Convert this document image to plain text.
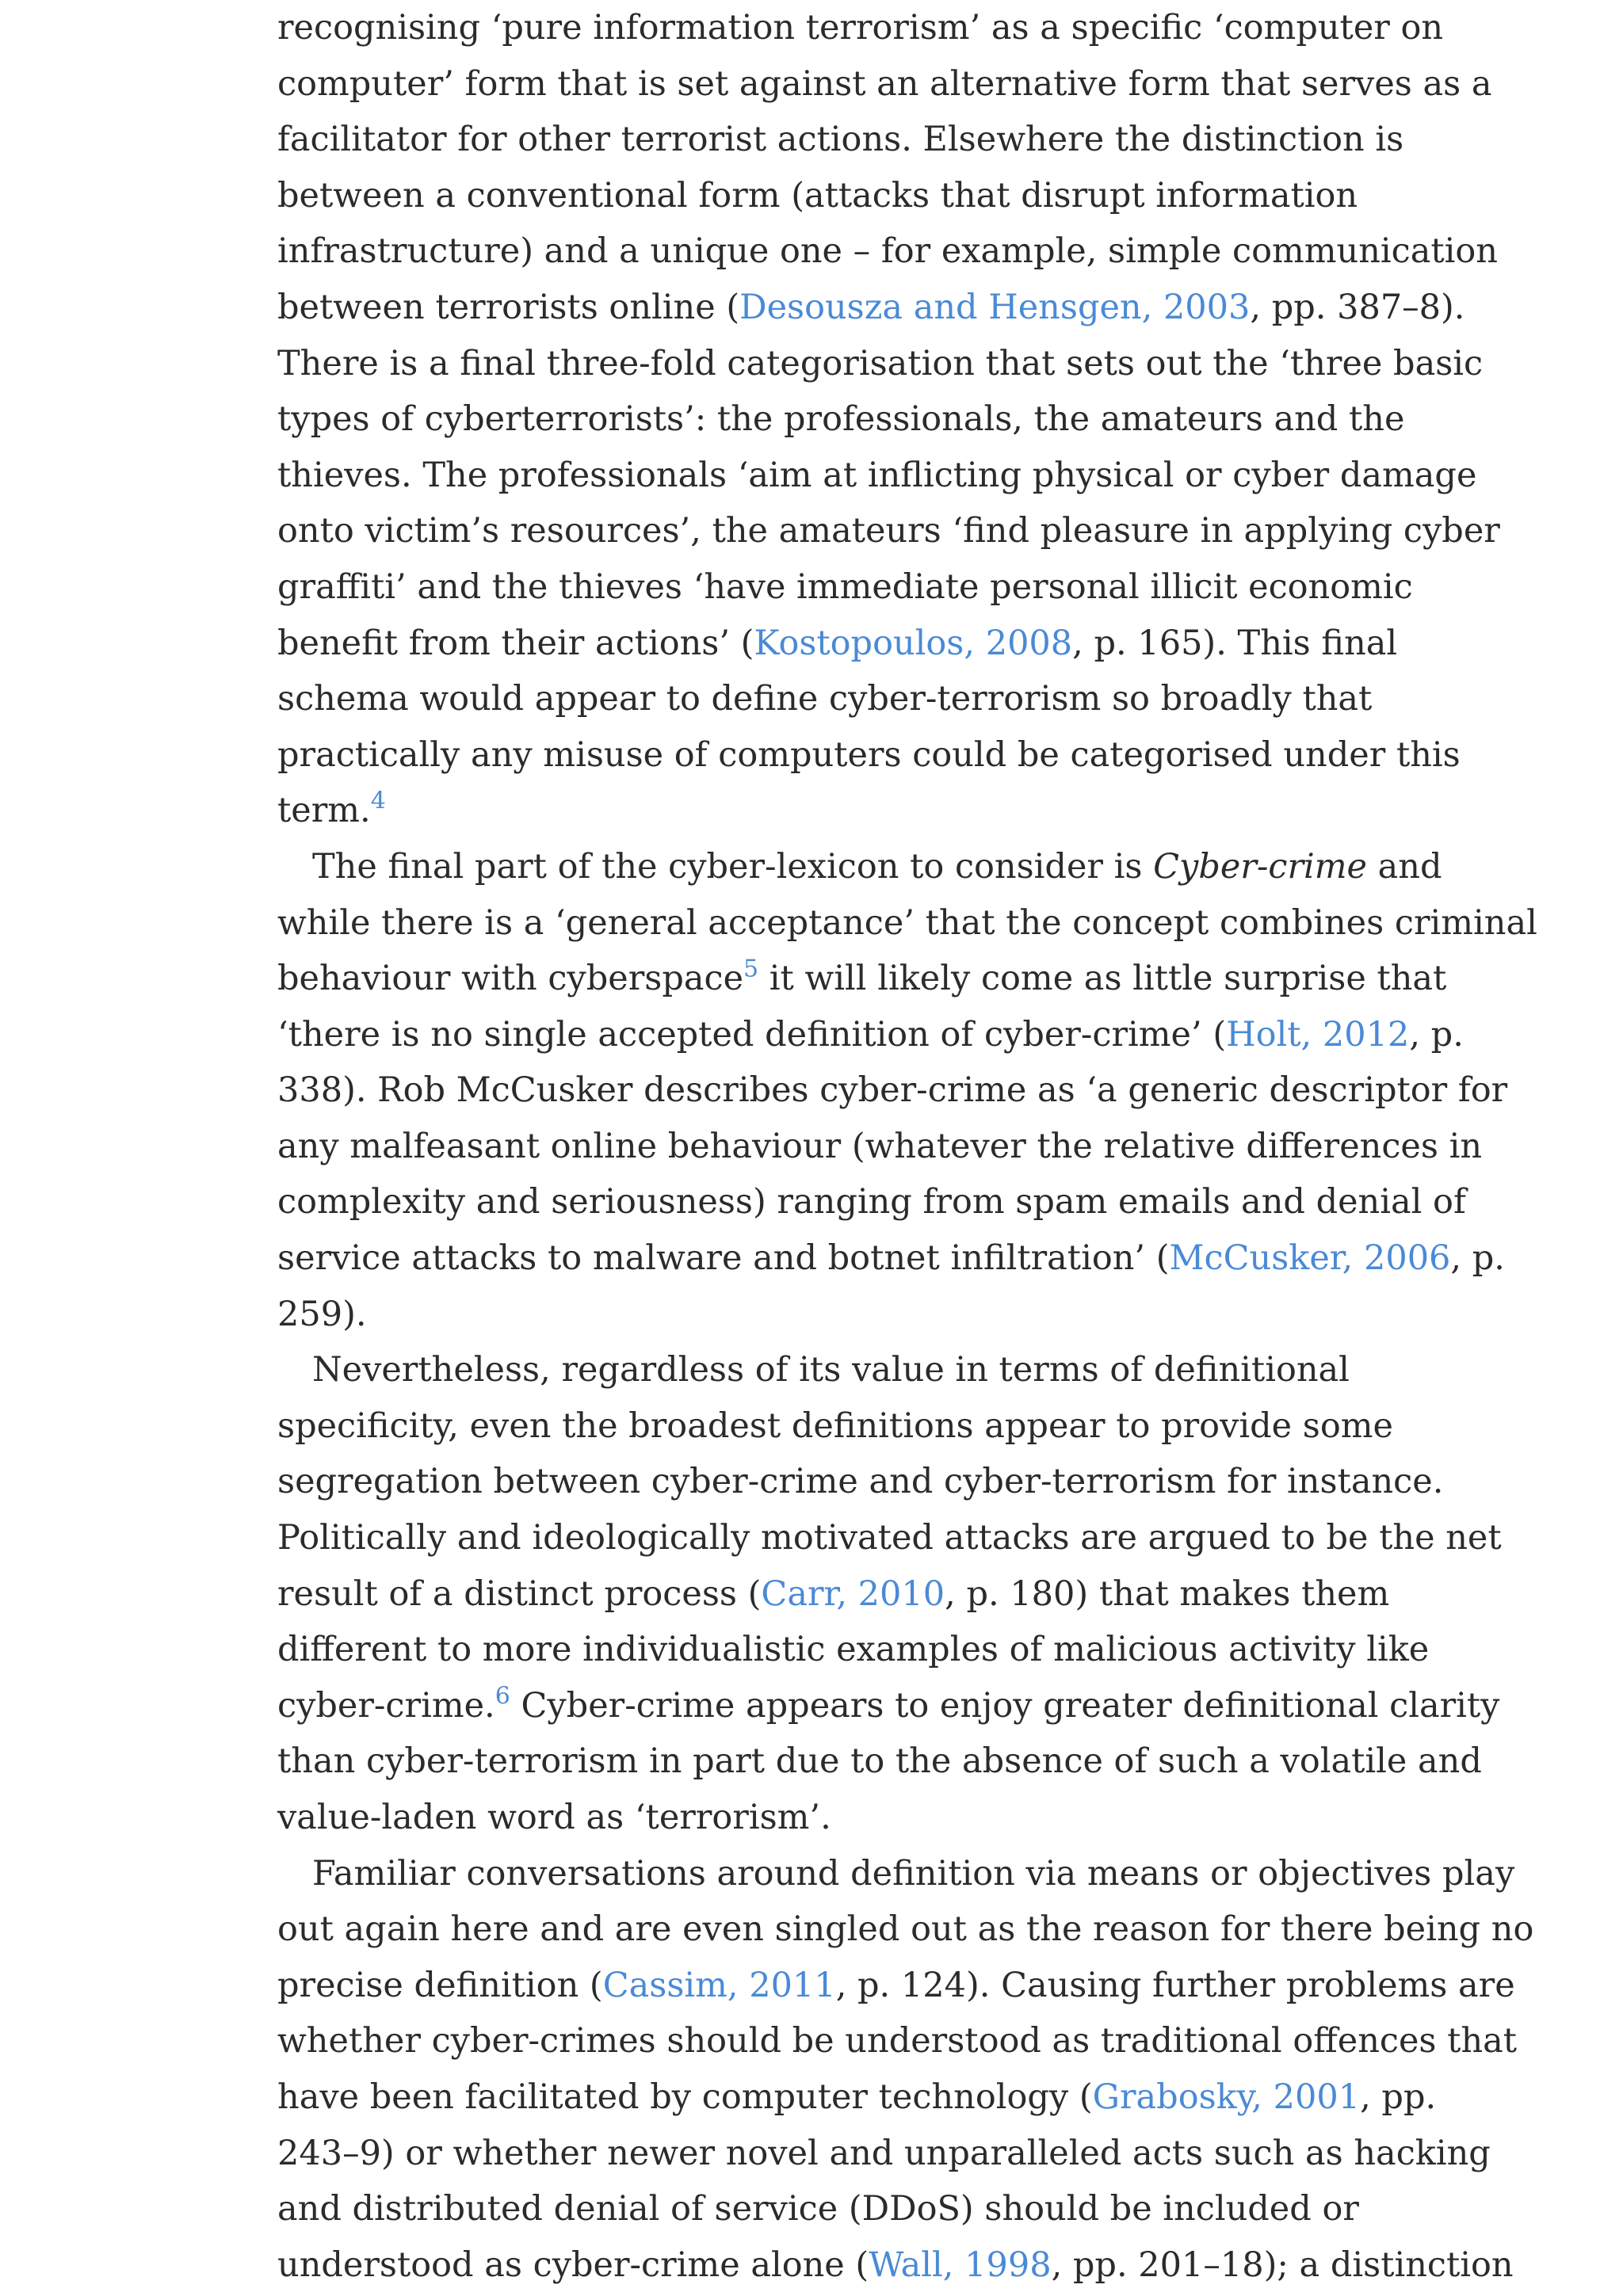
recognising ‘pure information terrorism’ as a specific ‘computer on
computer’ form that is set against an alternative form that serves as a
facilitator for other terrorist actions. Elsewhere the distinction is
between a conventional form (attacks that disrupt information
infrastructure) and a unique one – for example, simple communication
between terrorists online (Desousza and Hensgen, 2003, pp. 387–8).
There is a final three-fold categorisation that sets out the ‘three basic
types of cyberterrorists’: the professionals, the amateurs and the
thieves. The professionals ‘aim at inflicting physical or cyber damage
onto victim’s resources’, the amateurs ‘find pleasure in applying cyber
graffiti’ and the thieves ‘have immediate personal illicit economic
benefit from their actions’ (Kostopoulos, 2008, p. 165). This final
schema would appear to define cyber-terrorism so broadly that
practically any misuse of computers could be categorised under this
term.$^4$
The final part of the cyber-lexicon to consider is Cyber-crime and
while there is a ‘general acceptance’ that the concept combines criminal
behaviour with cyberspace$^5$ it will likely come as little surprise that
‘there is no single accepted definition of cyber-crime’ (Holt, 2012, p.
338). Rob McCusker describes cyber-crime as ‘a generic descriptor for
any malfeasant online behaviour (whatever the relative differences in
complexity and seriousness) ranging from spam emails and denial of
service attacks to malware and botnet infiltration’ (McCusker, 2006, p.
259).
Nevertheless, regardless of its value in terms of definitional
specificity, even the broadest definitions appear to provide some
segregation between cyber-crime and cyber-terrorism for instance.
Politically and ideologically motivated attacks are argued to be the net
result of a distinct process (Carr, 2010, p. 180) that makes them
different to more individualistic examples of malicious activity like
cyber-crime.$^6$ Cyber-crime appears to enjoy greater definitional clarity
than cyber-terrorism in part due to the absence of such a volatile and
value-laden word as ‘terrorism’.
Familiar conversations around definition via means or objectives play
out again here and are even singled out as the reason for there being no
precise definition (Cassim, 2011, p. 124). Causing further problems are
whether cyber-crimes should be understood as traditional offences that
have been facilitated by computer technology (Grabosky, 2001, pp.
243–9) or whether newer novel and unparalleled acts such as hacking
and distributed denial of service (DDoS) should be included or
understood as cyber-crime alone (Wall, 1998, pp. 201–18); a distinction
